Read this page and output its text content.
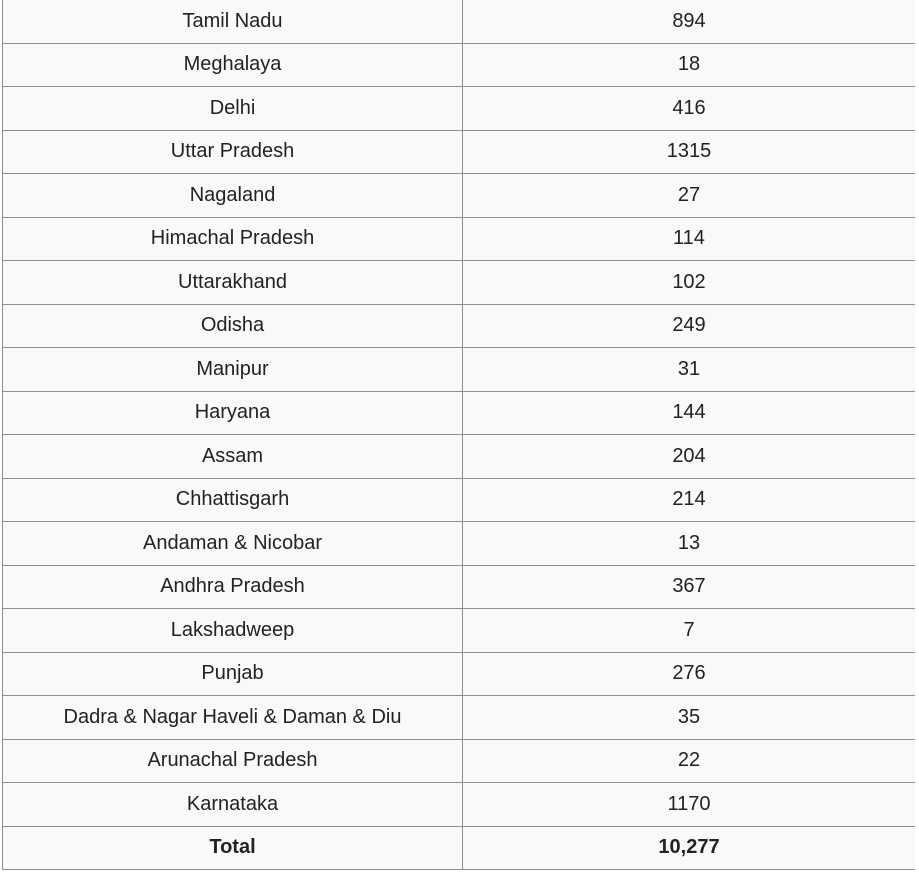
Tamil Nadu	894
Meghalaya	18
Delhi	416
Uttar Pradesh	1315
Nagaland	27
Himachal Pradesh	114
Uttarakhand	102
Odisha	249
Manipur	31
Haryana	144
Assam	204
Chhattisgarh	214
Andaman & Nicobar	13
Andhra Pradesh	367
Lakshadweep	7
Punjab	276
Dadra & Nagar Haveli & Daman & Diu	35
Arunachal Pradesh	22
Karnataka	1170
Total	10,277
